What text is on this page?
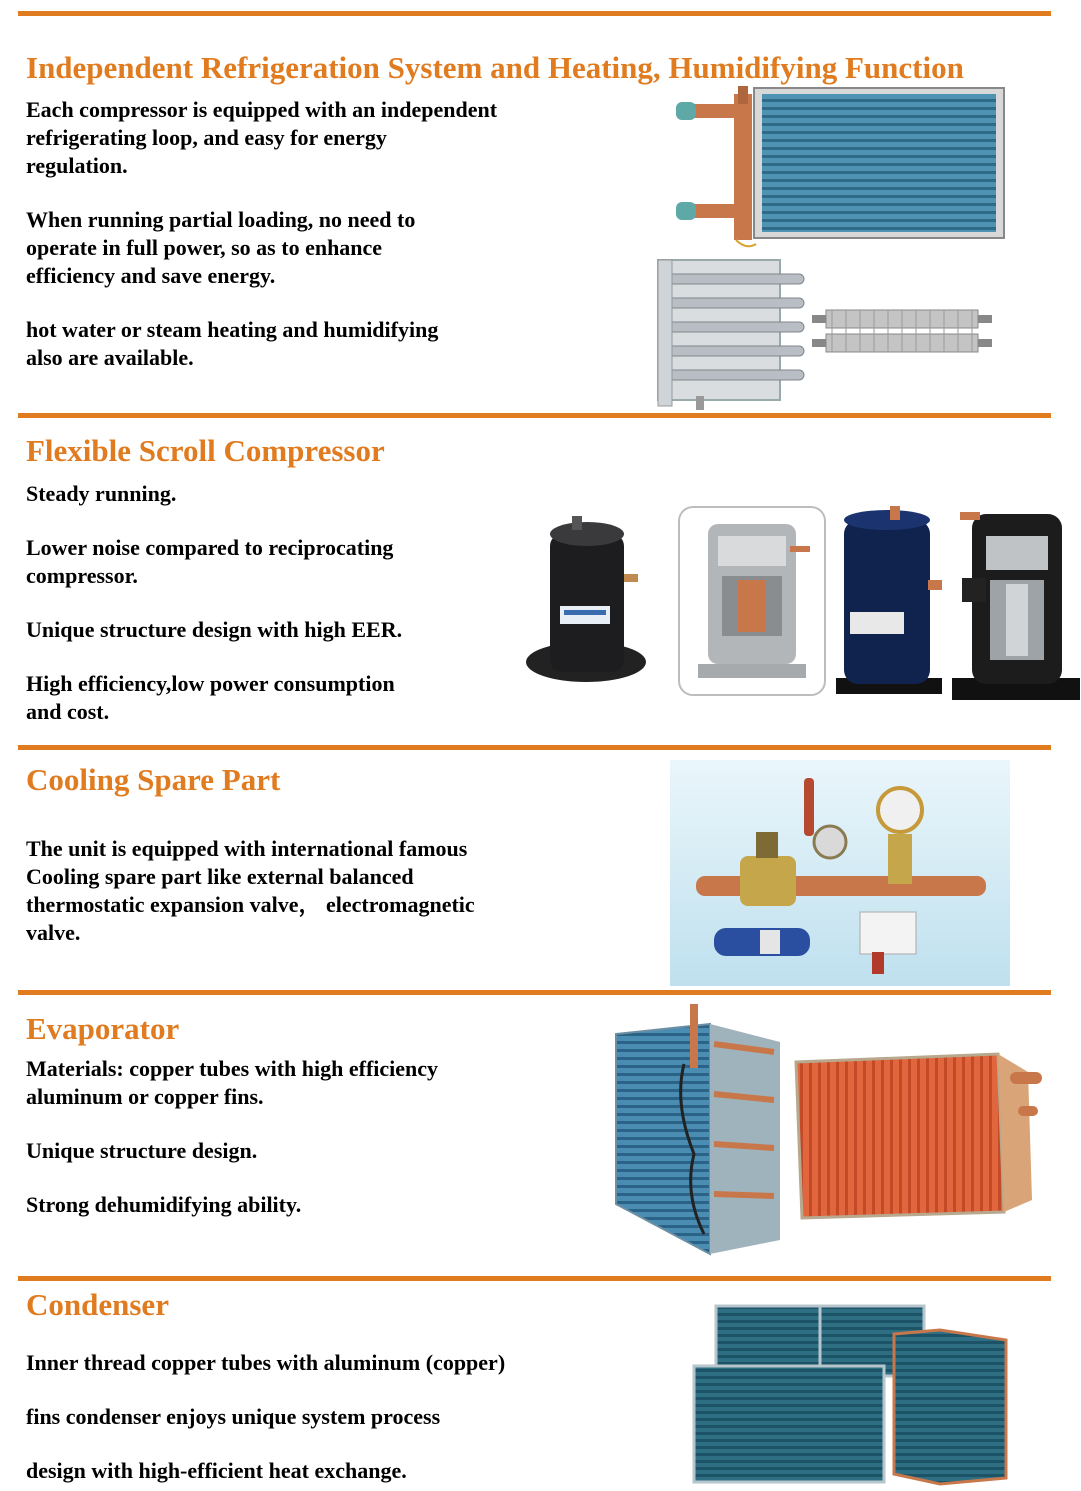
Independent Refrigeration System and Heating, Humidifying Function

Each compressor is equipped with an independent
refrigerating loop, and easy for energy
regulation.

When running partial loading, no need to
operate in full power, so as to enhance
efficiency and save energy.

hot water or steam heating and humidifying
also are available.

Flexible Scroll Compressor

Steady running.

Lower noise compared to reciprocating
compressor.

Unique structure design with high EER.

High efficiency,low power consumption
and cost.

Cooling Spare Part

The unit is equipped with international famous
Cooling spare part like external balanced
thermostatic expansion valve， electromagnetic
valve.

Evaporator

Materials: copper tubes with high efficiency
aluminum or copper fins.

Unique structure design.

Strong dehumidifying ability.

Condenser

Inner thread copper tubes with aluminum (copper)

fins condenser enjoys unique system process

design with high-efficient heat exchange.
